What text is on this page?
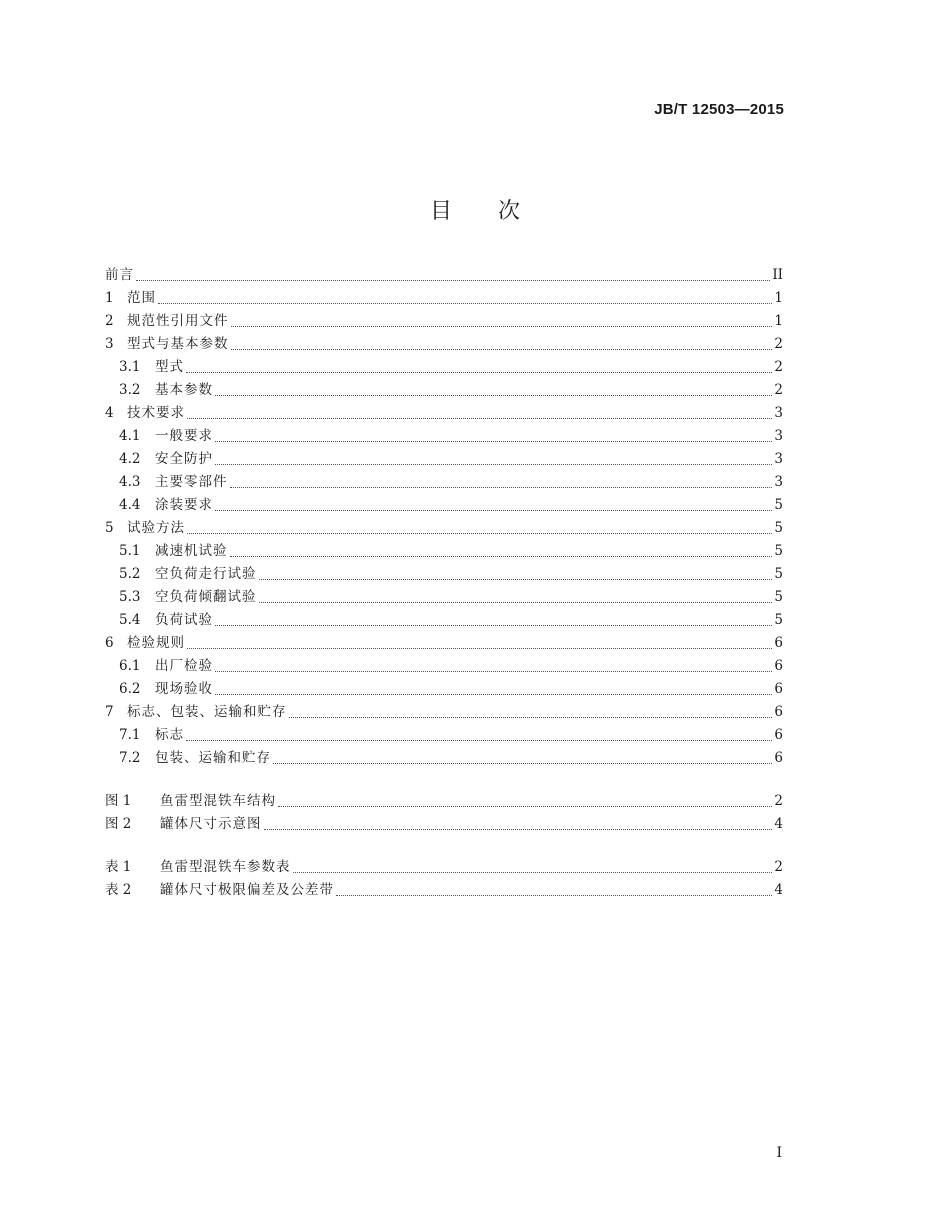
JB/T 12503—2015
目次
前言	II
1 范围	1
2 规范性引用文件	1
3 型式与基本参数	2
3.1	型式	2
3.2	基本参数	2
4 技术要求	3
4.1	一般要求	3
4.2	安全防护	3
4.3	主要零部件	3
4.4	涂装要求	5
5 试验方法	5
5.1	减速机试验	5
5.2	空负荷走行试验	5
5.3	空负荷倾翻试验	5
5.4	负荷试验	5
6 检验规则	6
6.1	出厂检验	6
6.2	现场验收	6
7 标志、包装、运输和贮存	6
7.1	标志	6
7.2	包装、运输和贮存	6
图 1	鱼雷型混铁车结构	2
图 2	罐体尺寸示意图	4
表 1	鱼雷型混铁车参数表	2
表 2	罐体尺寸极限偏差及公差带	4
I
